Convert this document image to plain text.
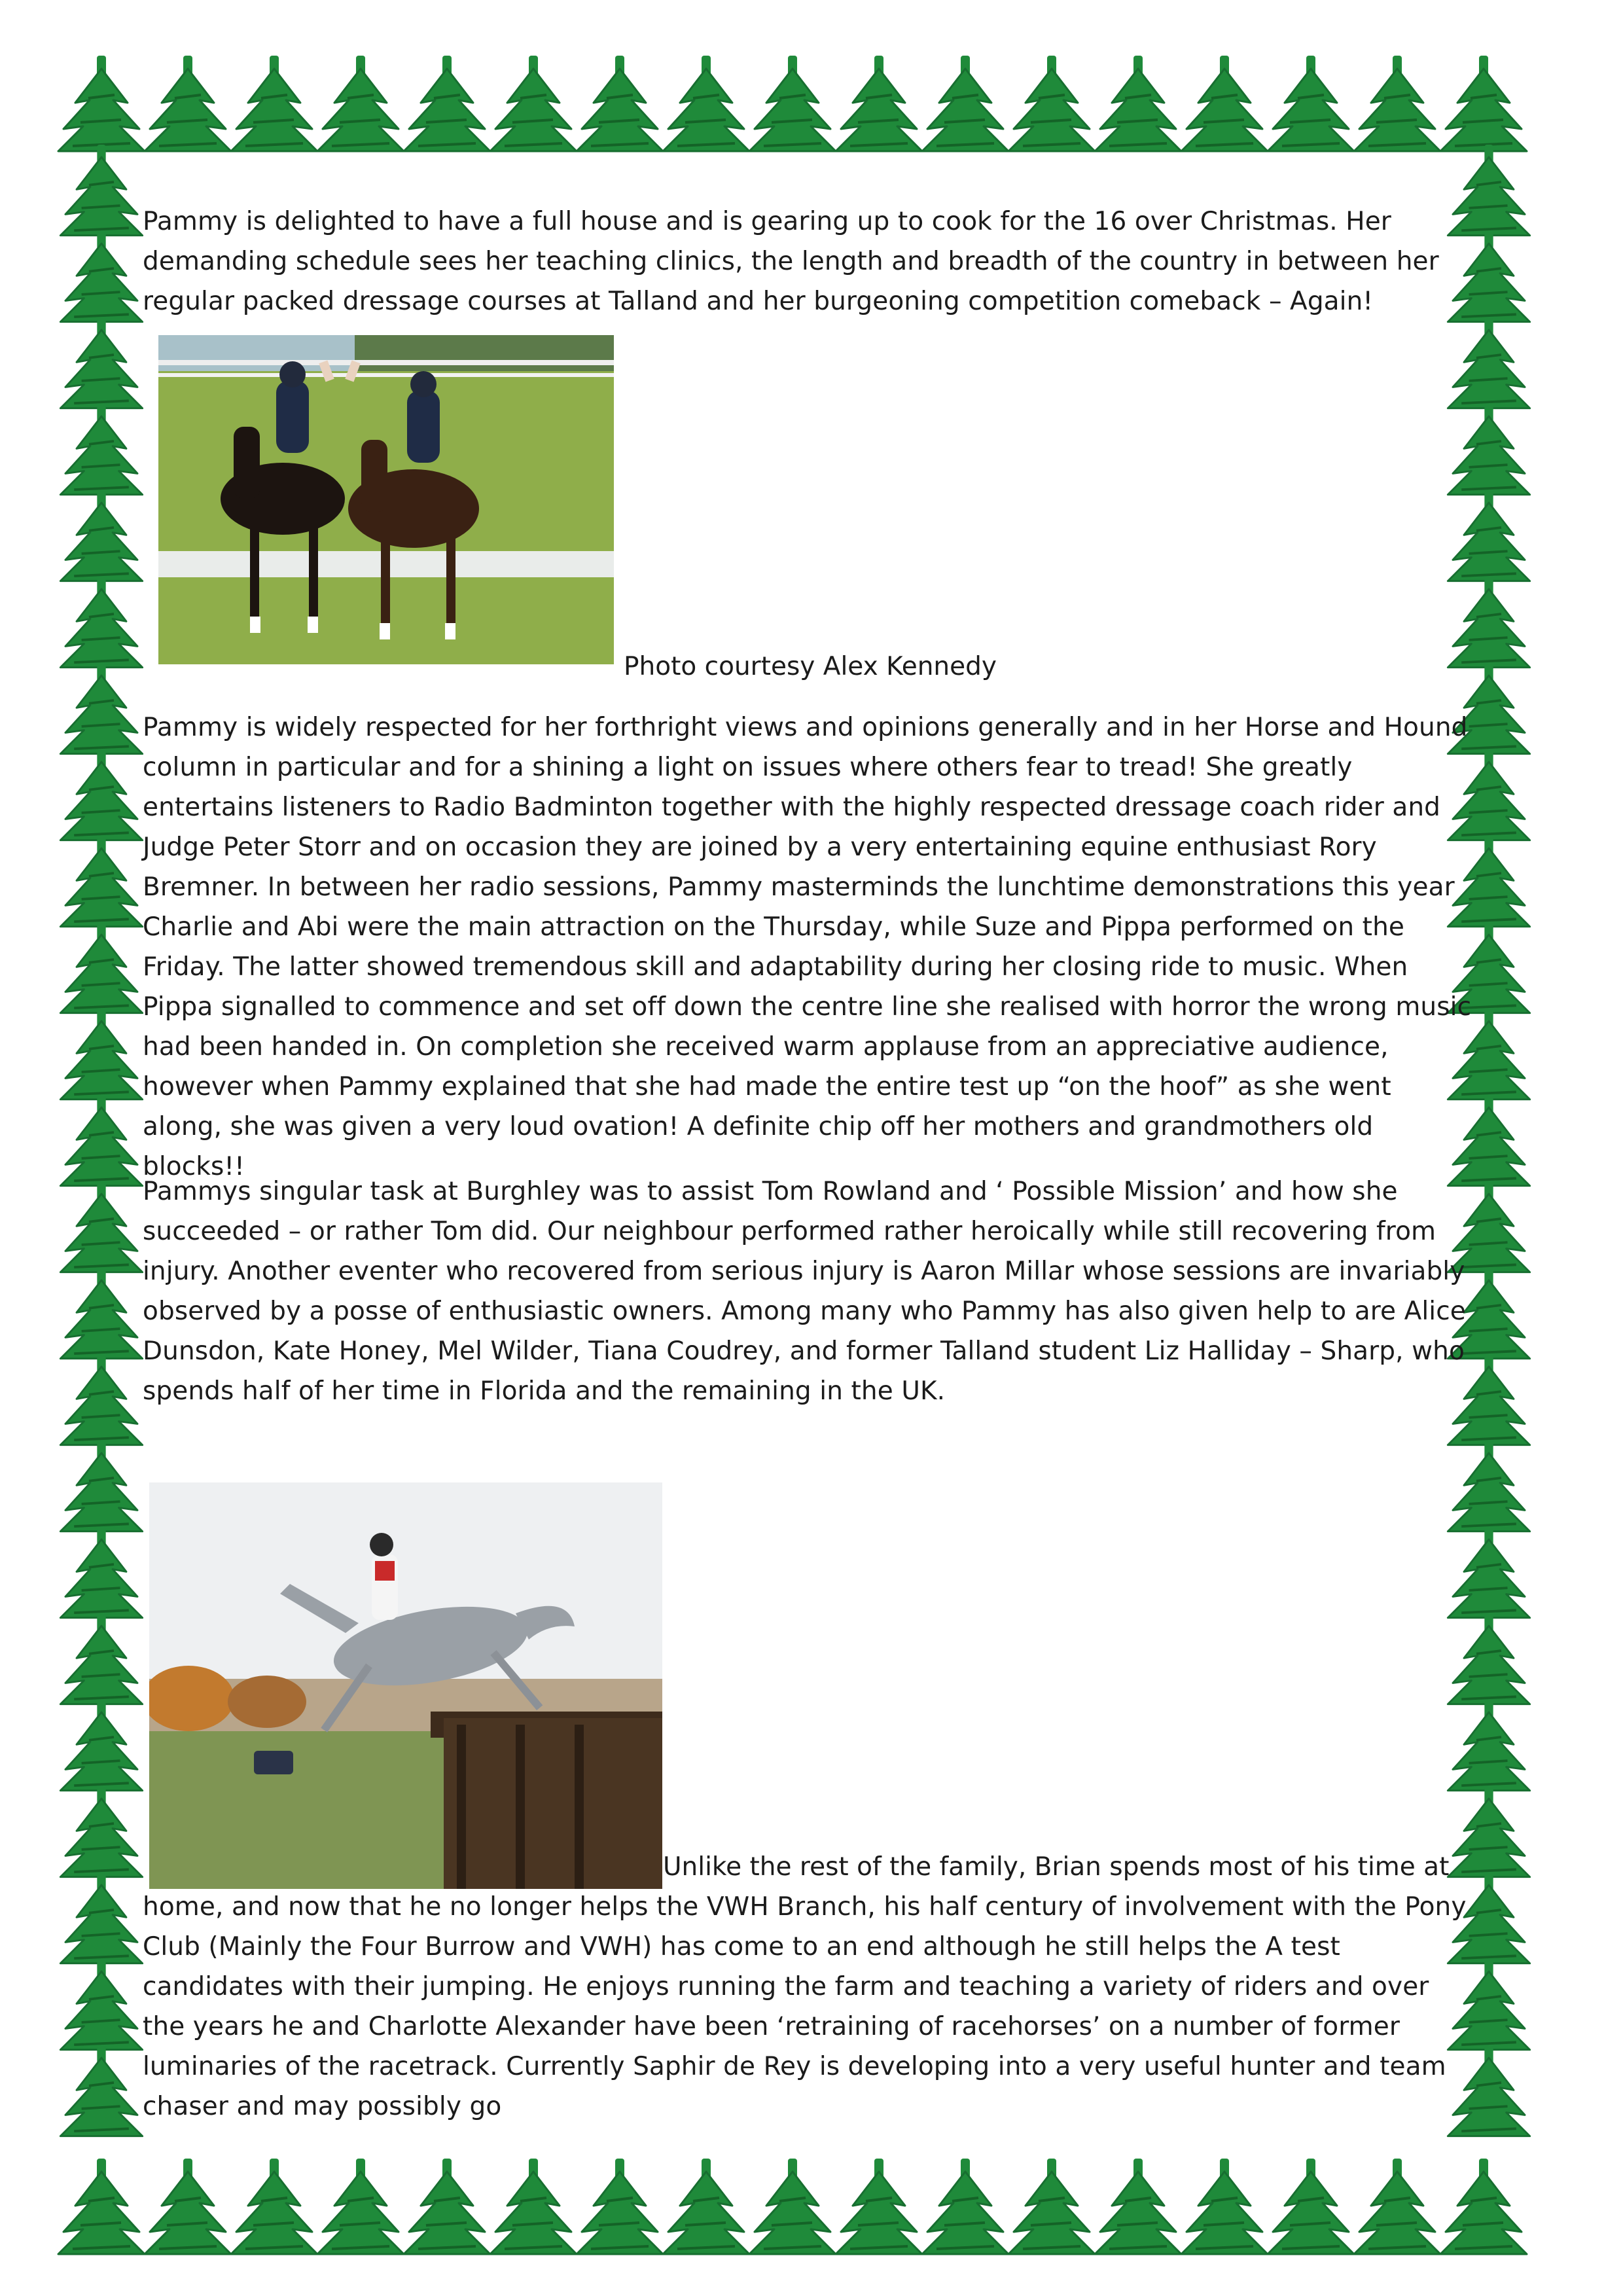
Pammy is delighted to have a full house and is gearing up to cook for the 16 over Christmas. Her demanding schedule sees her teaching clinics, the length and breadth of the country in between her regular packed dressage courses at Talland and her burgeoning competition comeback – Again!

Photo courtesy Alex Kennedy

Pammy is widely respected for her forthright views and opinions generally and in her Horse and Hound column in particular and for a shining a light on issues where others fear to tread! She greatly entertains listeners to Radio Badminton together with the highly respected dressage coach rider and Judge Peter Storr and on occasion they are joined by a very entertaining equine enthusiast Rory Bremner. In between her radio sessions, Pammy masterminds the lunchtime demonstrations this year Charlie and Abi were the main attraction on the Thursday, while Suze and Pippa performed on the Friday. The latter showed tremendous skill and adaptability during her closing ride to music. When Pippa signalled to commence and set off down the centre line she realised with horror the wrong music had been handed in. On completion she received warm applause from an appreciative audience, however when Pammy explained that she had made the entire test up “on the hoof” as she went along, she was given a very loud ovation! A definite chip off her mothers and grandmothers old blocks!!

Pammys singular task at Burghley was to assist Tom Rowland and ‘ Possible Mission’ and how she succeeded – or rather Tom did. Our neighbour performed rather heroically while still recovering from injury. Another eventer who recovered from serious injury is Aaron Millar whose sessions are invariably observed by a posse of enthusiastic owners. Among many who Pammy has also given help to are Alice Dunsdon, Kate Honey, Mel Wilder, Tiana Coudrey, and former Talland student Liz Halliday – Sharp, who spends half of her time in Florida and the remaining in the UK.

Unlike the rest of the family, Brian spends most of his time at

home, and now that he no longer helps the VWH Branch, his half century of involvement with the Pony Club (Mainly the Four Burrow and VWH) has come to an end although he still helps the A test candidates with their jumping. He enjoys running the farm and teaching a variety of riders and over the years he and Charlotte Alexander have been ‘retraining of racehorses’ on a number of former luminaries of the racetrack. Currently Saphir de Rey is developing into a very useful hunter and team chaser and may possibly go
